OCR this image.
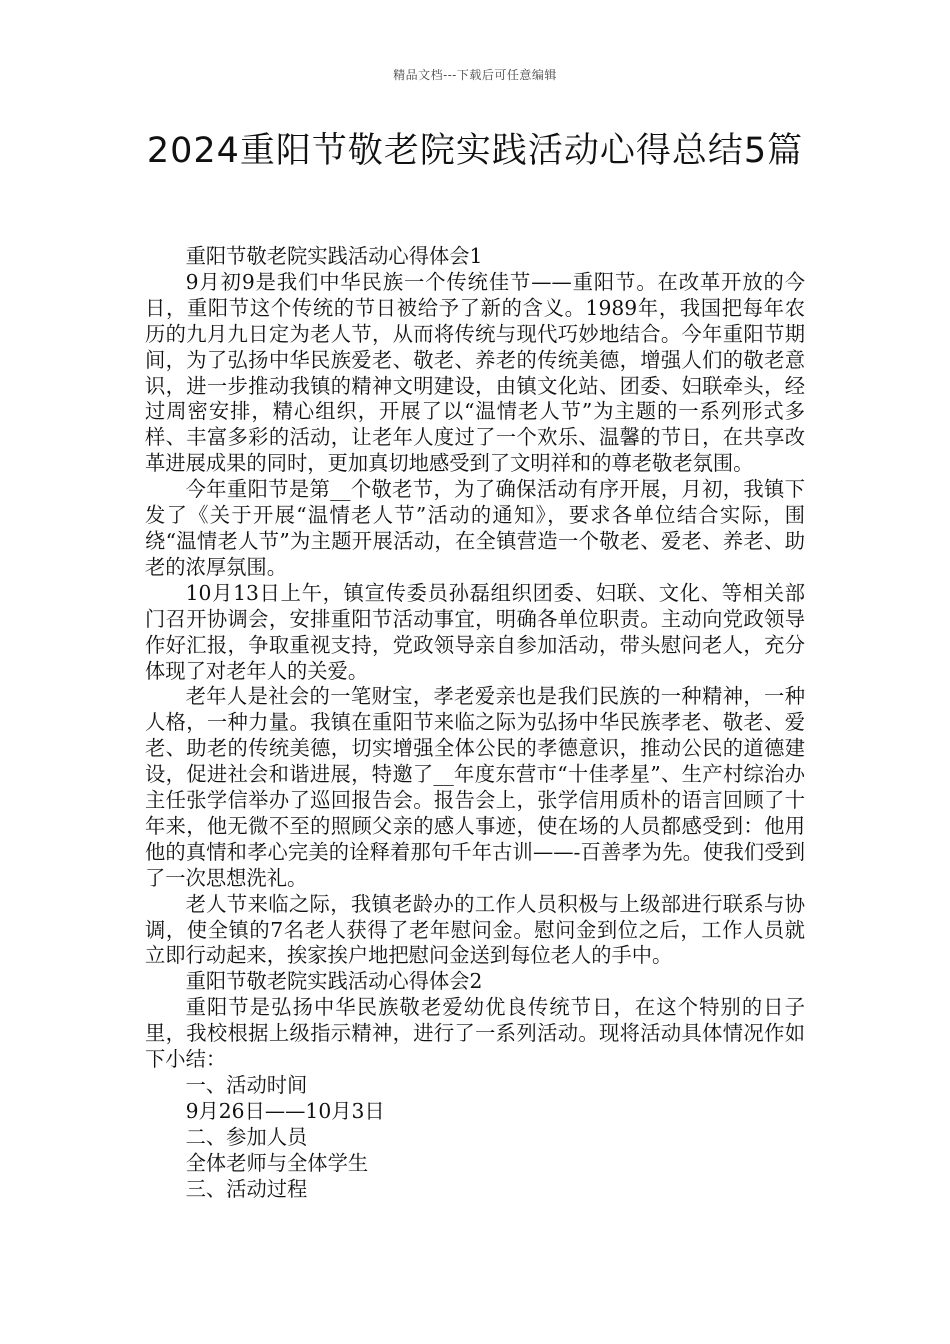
精品文档---下载后可任意编辑
2024重阳节敬老院实践活动心得总结5篇

重阳节敬老院实践活动心得体会1

9月初9是我们中华民族一个传统佳节——重阳节。在改革开放的今日，重阳节这个传统的节日被给予了新的含义。1989年，我国把每年农历的九月九日定为老人节，从而将传统与现代巧妙地结合。今年重阳节期间，为了弘扬中华民族爱老、敬老、养老的传统美德，增强人们的敬老意识，进一步推动我镇的精神文明建设，由镇文化站、团委、妇联牵头，经过周密安排，精心组织，开展了以“温情老人节”为主题的一系列形式多样、丰富多彩的活动，让老年人度过了一个欢乐、温馨的节日，在共享改革进展成果的同时，更加真切地感受到了文明祥和的尊老敬老氛围。

今年重阳节是第__个敬老节，为了确保活动有序开展，月初，我镇下发了《关于开展“温情老人节”活动的通知》，要求各单位结合实际，围绕“温情老人节”为主题开展活动，在全镇营造一个敬老、爱老、养老、助老的浓厚氛围。

10月13日上午，镇宣传委员孙磊组织团委、妇联、文化、等相关部门召开协调会，安排重阳节活动事宜，明确各单位职责。主动向党政领导作好汇报，争取重视支持，党政领导亲自参加活动，带头慰问老人，充分体现了对老年人的关爱。

老年人是社会的一笔财宝，孝老爱亲也是我们民族的一种精神，一种人格，一种力量。我镇在重阳节来临之际为弘扬中华民族孝老、敬老、爱老、助老的传统美德，切实增强全体公民的孝德意识，推动公民的道德建设，促进社会和谐进展，特邀了__年度东营市“十佳孝星”、生产村综治办主任张学信举办了巡回报告会。报告会上，张学信用质朴的语言回顾了十年来，他无微不至的照顾父亲的感人事迹，使在场的人员都感受到：他用他的真情和孝心完美的诠释着那句千年古训——-百善孝为先。使我们受到了一次思想洗礼。

老人节来临之际，我镇老龄办的工作人员积极与上级部进行联系与协调，使全镇的7名老人获得了老年慰问金。慰问金到位之后，工作人员就立即行动起来，挨家挨户地把慰问金送到每位老人的手中。

重阳节敬老院实践活动心得体会2

重阳节是弘扬中华民族敬老爱幼优良传统节日，在这个特别的日子里，我校根据上级指示精神，进行了一系列活动。现将活动具体情况作如下小结：

一、活动时间

9月26日——10月3日

二、参加人员

全体老师与全体学生

三、活动过程
